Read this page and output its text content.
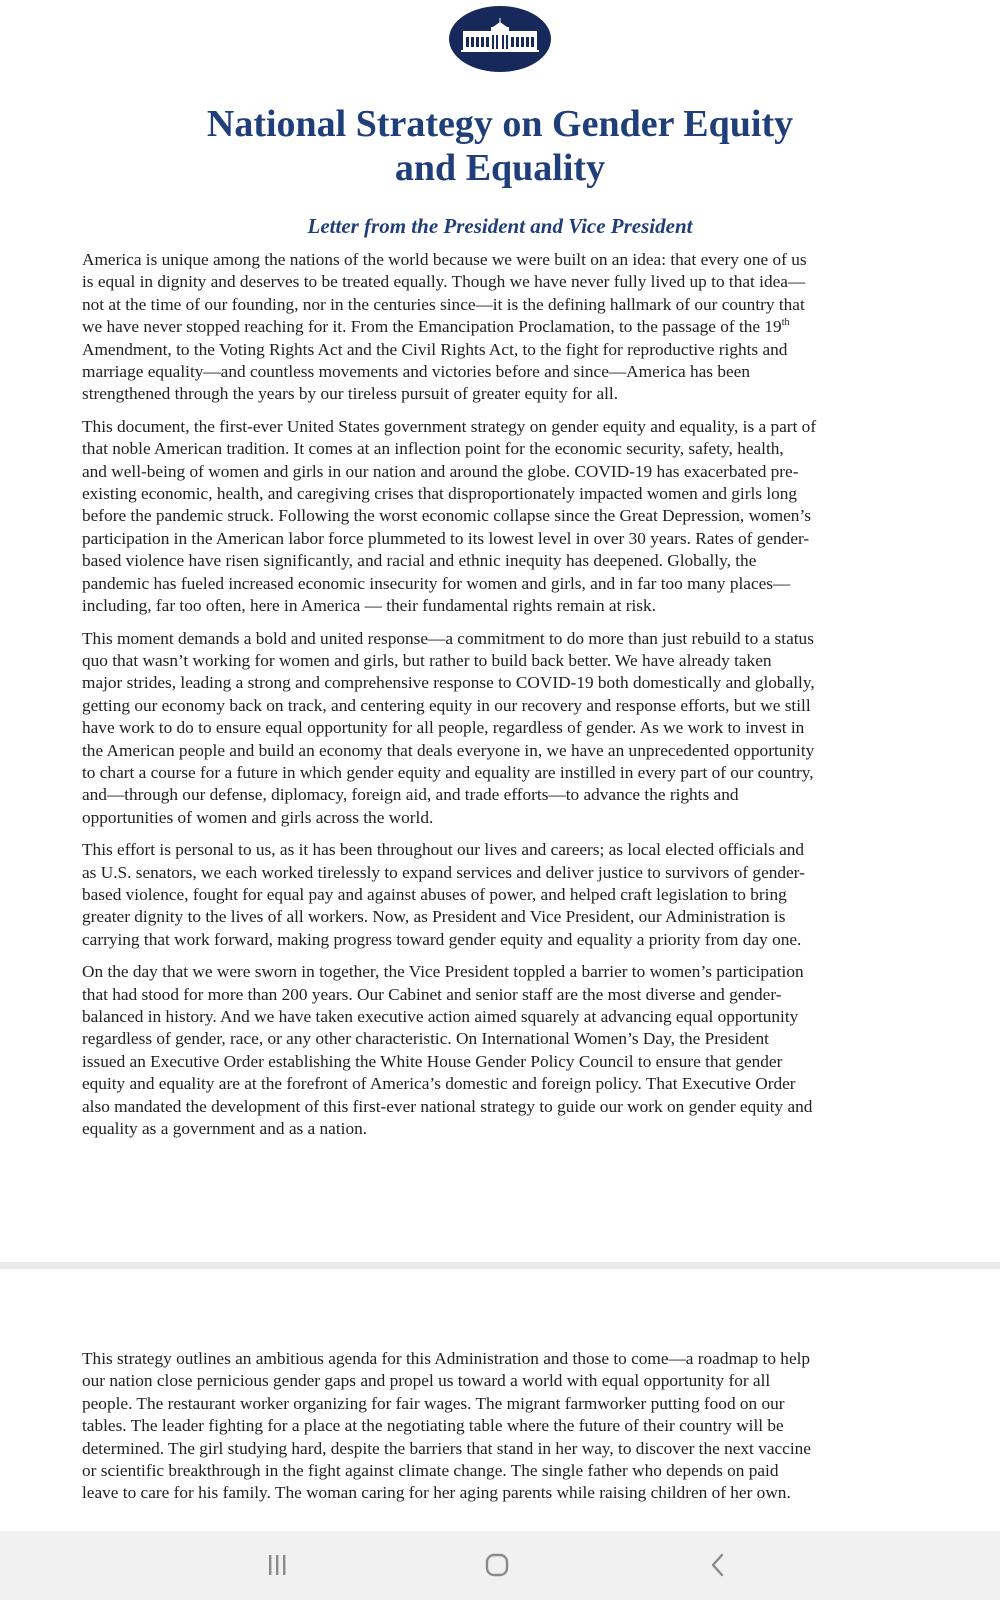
National Strategy on Gender Equity
and Equality
Letter from the President and Vice President

America is unique among the nations of the world because we were built on an idea: that every one of us
is equal in dignity and deserves to be treated equally. Though we have never fully lived up to that idea—
not at the time of our founding, nor in the centuries since—it is the defining hallmark of our country that
we have never stopped reaching for it. From the Emancipation Proclamation, to the passage of the 19th
Amendment, to the Voting Rights Act and the Civil Rights Act, to the fight for reproductive rights and
marriage equality—and countless movements and victories before and since—America has been
strengthened through the years by our tireless pursuit of greater equity for all.

This document, the first-ever United States government strategy on gender equity and equality, is a part of
that noble American tradition. It comes at an inflection point for the economic security, safety, health,
and well-being of women and girls in our nation and around the globe. COVID-19 has exacerbated pre-
existing economic, health, and caregiving crises that disproportionately impacted women and girls long
before the pandemic struck. Following the worst economic collapse since the Great Depression, women’s
participation in the American labor force plummeted to its lowest level in over 30 years. Rates of gender-
based violence have risen significantly, and racial and ethnic inequity has deepened. Globally, the
pandemic has fueled increased economic insecurity for women and girls, and in far too many places—
including, far too often, here in America — their fundamental rights remain at risk.

This moment demands a bold and united response—a commitment to do more than just rebuild to a status
quo that wasn’t working for women and girls, but rather to build back better. We have already taken
major strides, leading a strong and comprehensive response to COVID-19 both domestically and globally,
getting our economy back on track, and centering equity in our recovery and response efforts, but we still
have work to do to ensure equal opportunity for all people, regardless of gender. As we work to invest in
the American people and build an economy that deals everyone in, we have an unprecedented opportunity
to chart a course for a future in which gender equity and equality are instilled in every part of our country,
and—through our defense, diplomacy, foreign aid, and trade efforts—to advance the rights and
opportunities of women and girls across the world.

This effort is personal to us, as it has been throughout our lives and careers; as local elected officials and
as U.S. senators, we each worked tirelessly to expand services and deliver justice to survivors of gender-
based violence, fought for equal pay and against abuses of power, and helped craft legislation to bring
greater dignity to the lives of all workers. Now, as President and Vice President, our Administration is
carrying that work forward, making progress toward gender equity and equality a priority from day one.

On the day that we were sworn in together, the Vice President toppled a barrier to women’s participation
that had stood for more than 200 years. Our Cabinet and senior staff are the most diverse and gender-
balanced in history. And we have taken executive action aimed squarely at advancing equal opportunity
regardless of gender, race, or any other characteristic. On International Women’s Day, the President
issued an Executive Order establishing the White House Gender Policy Council to ensure that gender
equity and equality are at the forefront of America’s domestic and foreign policy. That Executive Order
also mandated the development of this first-ever national strategy to guide our work on gender equity and
equality as a government and as a nation.

This strategy outlines an ambitious agenda for this Administration and those to come—a roadmap to help
our nation close pernicious gender gaps and propel us toward a world with equal opportunity for all
people. The restaurant worker organizing for fair wages. The migrant farmworker putting food on our
tables. The leader fighting for a place at the negotiating table where the future of their country will be
determined. The girl studying hard, despite the barriers that stand in her way, to discover the next vaccine
or scientific breakthrough in the fight against climate change. The single father who depends on paid
leave to care for his family. The woman caring for her aging parents while raising children of her own.
